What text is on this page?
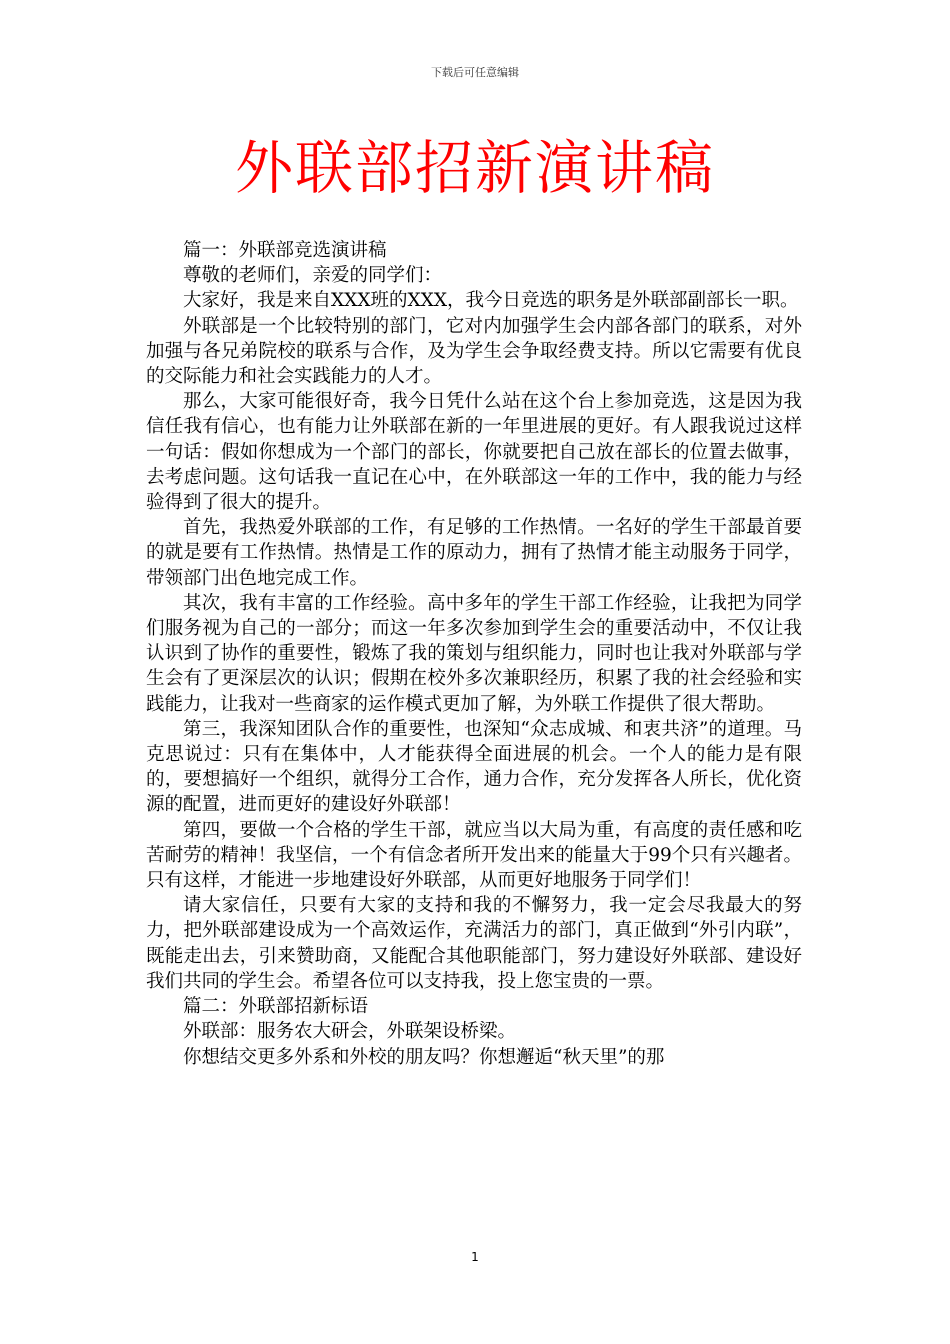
下载后可任意编辑
外联部招新演讲稿

篇一：外联部竞选演讲稿

尊敬的老师们，亲爱的同学们：

大家好，我是来自XXX班的XXX，我今日竞选的职务是外联部副部长一职。

外联部是一个比较特别的部门，它对内加强学生会内部各部门的联系，对外加强与各兄弟院校的联系与合作，及为学生会争取经费支持。所以它需要有优良的交际能力和社会实践能力的人才。

那么，大家可能很好奇，我今日凭什么站在这个台上参加竞选，这是因为我信任我有信心，也有能力让外联部在新的一年里进展的更好。有人跟我说过这样一句话：假如你想成为一个部门的部长，你就要把自己放在部长的位置去做事，去考虑问题。这句话我一直记在心中，在外联部这一年的工作中，我的能力与经验得到了很大的提升。

首先，我热爱外联部的工作，有足够的工作热情。一名好的学生干部最首要的就是要有工作热情。热情是工作的原动力，拥有了热情才能主动服务于同学，带领部门出色地完成工作。

其次，我有丰富的工作经验。高中多年的学生干部工作经验，让我把为同学们服务视为自己的一部分；而这一年多次参加到学生会的重要活动中，不仅让我认识到了协作的重要性，锻炼了我的策划与组织能力，同时也让我对外联部与学生会有了更深层次的认识；假期在校外多次兼职经历，积累了我的社会经验和实践能力，让我对一些商家的运作模式更加了解，为外联工作提供了很大帮助。

第三，我深知团队合作的重要性，也深知“众志成城、和衷共济”的道理。马克思说过：只有在集体中，人才能获得全面进展的机会。一个人的能力是有限的，要想搞好一个组织，就得分工合作，通力合作，充分发挥各人所长，优化资源的配置，进而更好的建设好外联部！

第四，要做一个合格的学生干部，就应当以大局为重，有高度的责任感和吃苦耐劳的精神！我坚信，一个有信念者所开发出来的能量大于99个只有兴趣者。只有这样，才能进一步地建设好外联部，从而更好地服务于同学们！

请大家信任，只要有大家的支持和我的不懈努力，我一定会尽我最大的努力，把外联部建设成为一个高效运作，充满活力的部门，真正做到“外引内联”，既能走出去，引来赞助商，又能配合其他职能部门，努力建设好外联部、建设好我们共同的学生会。希望各位可以支持我，投上您宝贵的一票。

篇二：外联部招新标语

外联部：服务农大研会，外联架设桥梁。

你想结交更多外系和外校的朋友吗？你想邂逅“秋天里”的那

1
